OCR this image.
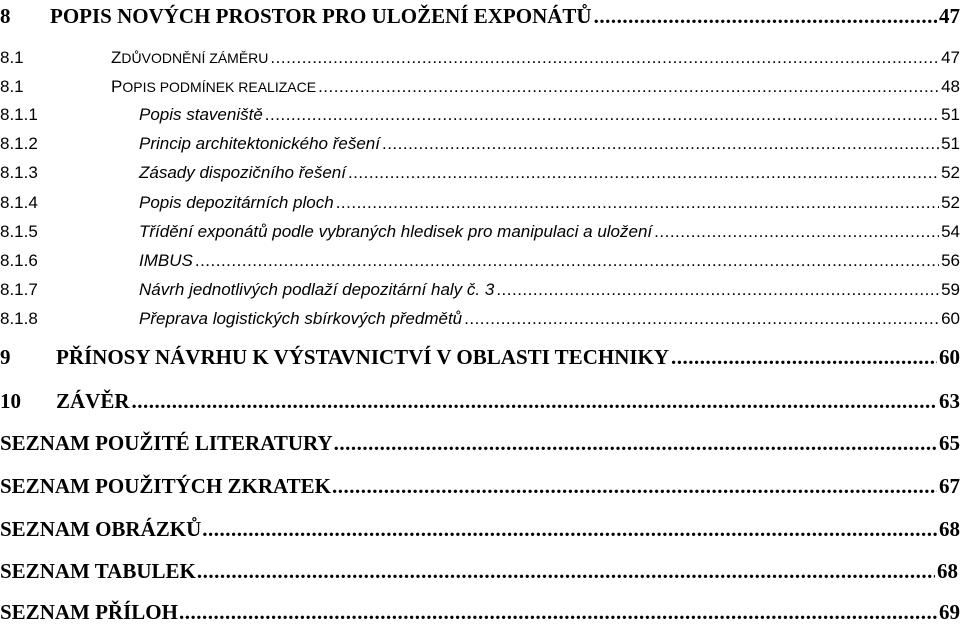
8	POPIS NOVÝCH PROSTOR PRO ULOŽENÍ EXPONÁTŮ .....	47
8.1	ZDŮVODNĚNÍ ZÁMĚRU .....	47
8.1	POPIS PODMÍNEK REALIZACE .....	48
8.1.1	Popis staveniště .....	51
8.1.2	Princip architektonického řešení .....	51
8.1.3	Zásady dispozičního řešení .....	52
8.1.4	Popis depozitárních ploch .....	52
8.1.5	Třídění exponátů podle vybraných hledisek pro manipulaci a uložení .....	54
8.1.6	IMBUS .....	56
8.1.7	Návrh jednotlivých podlaží depozitární haly č. 3 .....	59
8.1.8	Přeprava logistických sbírkových předmětů .....	60
9	PŘÍNOSY NÁVRHU K VÝSTAVNICTVÍ V OBLASTI TECHNIKY .....	60
10	ZÁVĚR .....	63
SEZNAM POUŽITÉ LITERATURY .....	65
SEZNAM POUŽITÝCH ZKRATEK .....	67
SEZNAM OBRÁZKŮ .....	68
SEZNAM TABULEK .....	68
SEZNAM PŘÍLOH .....	69
